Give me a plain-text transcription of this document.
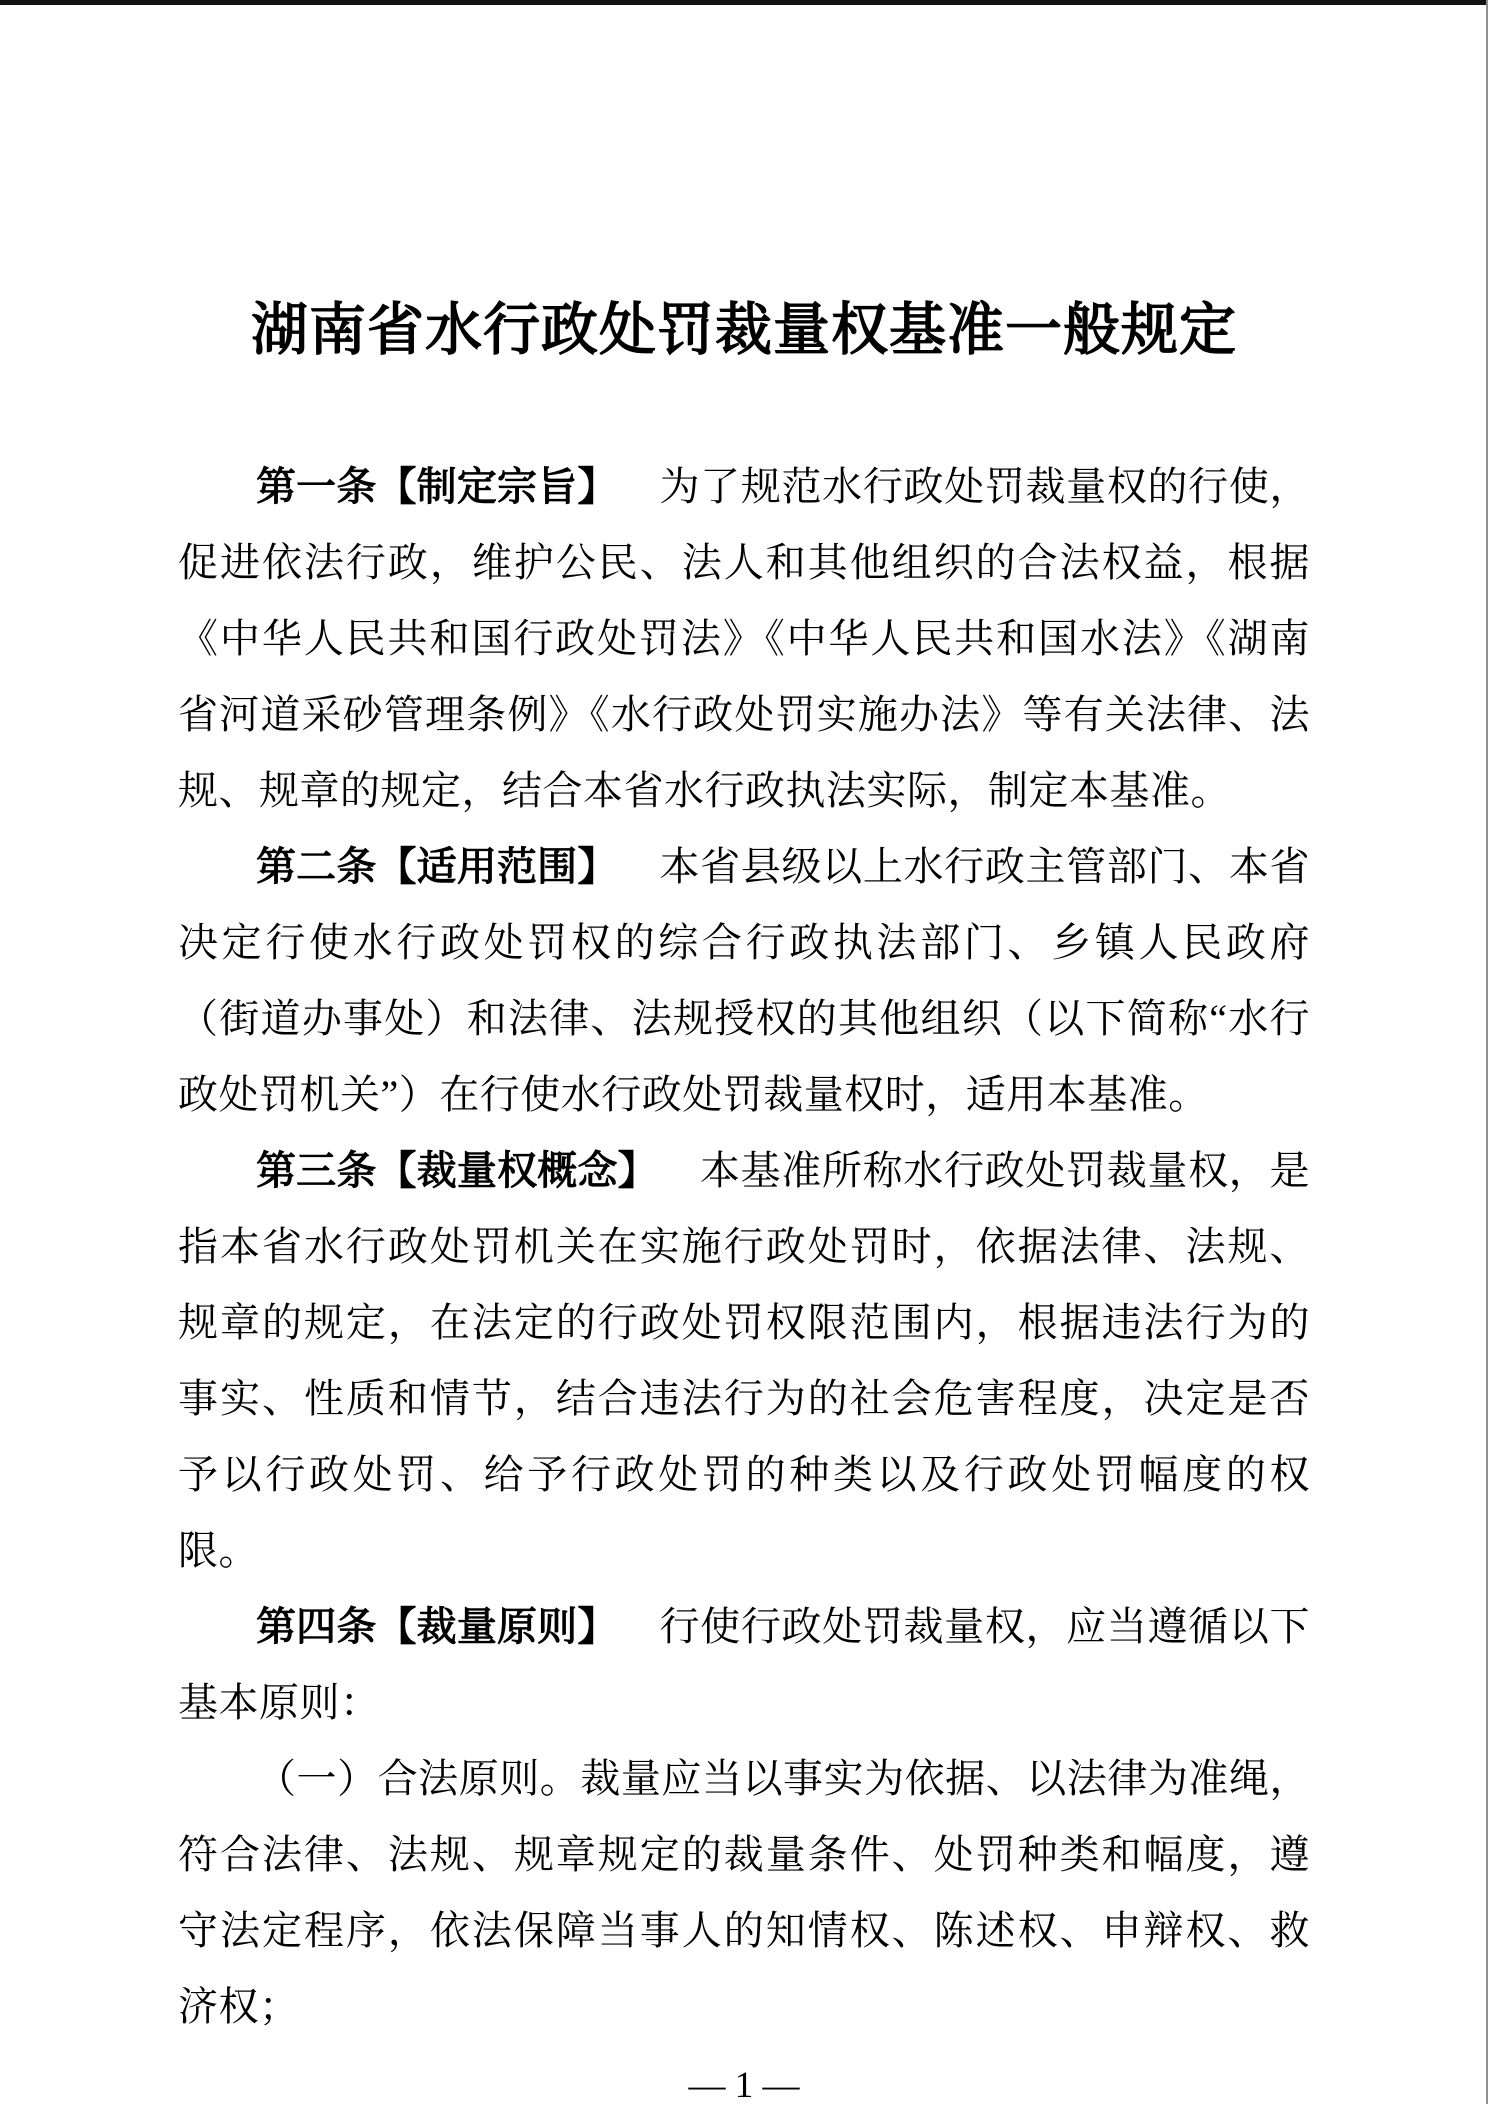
湖南省水行政处罚裁量权基准一般规定

第一条【制定宗旨】 为了规范水行政处罚裁量权的行使，促进依法行政，维护公民、法人和其他组织的合法权益，根据《中华人民共和国行政处罚法》《中华人民共和国水法》《湖南省河道采砂管理条例》《水行政处罚实施办法》等有关法律、法规、规章的规定，结合本省水行政执法实际，制定本基准。

第二条【适用范围】 本省县级以上水行政主管部门、本省决定行使水行政处罚权的综合行政执法部门、乡镇人民政府（街道办事处）和法律、法规授权的其他组织（以下简称“水行政处罚机关”）在行使水行政处罚裁量权时，适用本基准。

第三条【裁量权概念】 本基准所称水行政处罚裁量权，是指本省水行政处罚机关在实施行政处罚时，依据法律、法规、规章的规定，在法定的行政处罚权限范围内，根据违法行为的事实、性质和情节，结合违法行为的社会危害程度，决定是否予以行政处罚、给予行政处罚的种类以及行政处罚幅度的权限。

第四条【裁量原则】 行使行政处罚裁量权，应当遵循以下基本原则：

（一）合法原则。裁量应当以事实为依据、以法律为准绳，符合法律、法规、规章规定的裁量条件、处罚种类和幅度，遵守法定程序，依法保障当事人的知情权、陈述权、申辩权、救济权；

— 1 —
